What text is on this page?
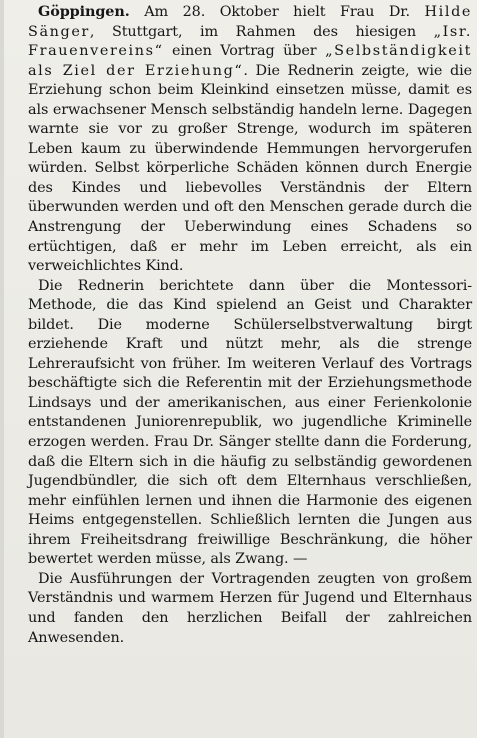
Göppingen. Am 28. Oktober hielt Frau Dr. Hilde Sänger, Stuttgart, im Rahmen des hiesigen „Isr. Frauenvereins“ einen Vortrag über „Selbständigkeit als Ziel der Erziehung“. Die Rednerin zeigte, wie die Erziehung schon beim Kleinkind einsetzen müsse, damit es als erwachsener Mensch selbständig handeln lerne. Dagegen warnte sie vor zu großer Strenge, wodurch im späteren Leben kaum zu überwindende Hemmungen hervorgerufen würden. Selbst körperliche Schäden können durch Energie des Kindes und liebevolles Verständnis der Eltern überwunden werden und oft den Menschen gerade durch die Anstrengung der Ueberwindung eines Schadens so ertüchtigen, daß er mehr im Leben erreicht, als ein verweichlichtes Kind.

Die Rednerin berichtete dann über die Montessori-Methode, die das Kind spielend an Geist und Charakter bildet. Die moderne Schülerselbstverwaltung birgt erziehende Kraft und nützt mehr, als die strenge Lehreraufsicht von früher. Im weiteren Verlauf des Vortrags beschäftigte sich die Referentin mit der Erziehungsmethode Lindsays und der amerikanischen, aus einer Ferienkolonie entstandenen Juniorenrepublik, wo jugendliche Kriminelle erzogen werden. Frau Dr. Sänger stellte dann die Forderung, daß die Eltern sich in die häufig zu selbständig gewordenen Jugendbündler, die sich oft dem Elternhaus verschließen, mehr einfühlen lernen und ihnen die Harmonie des eigenen Heims entgegenstellen. Schließlich lernten die Jungen aus ihrem Freiheitsdrang freiwillige Beschränkung, die höher bewertet werden müsse, als Zwang. —

Die Ausführungen der Vortragenden zeugten von großem Verständnis und warmem Herzen für Jugend und Elternhaus und fanden den herzlichen Beifall der zahlreichen Anwesenden.
